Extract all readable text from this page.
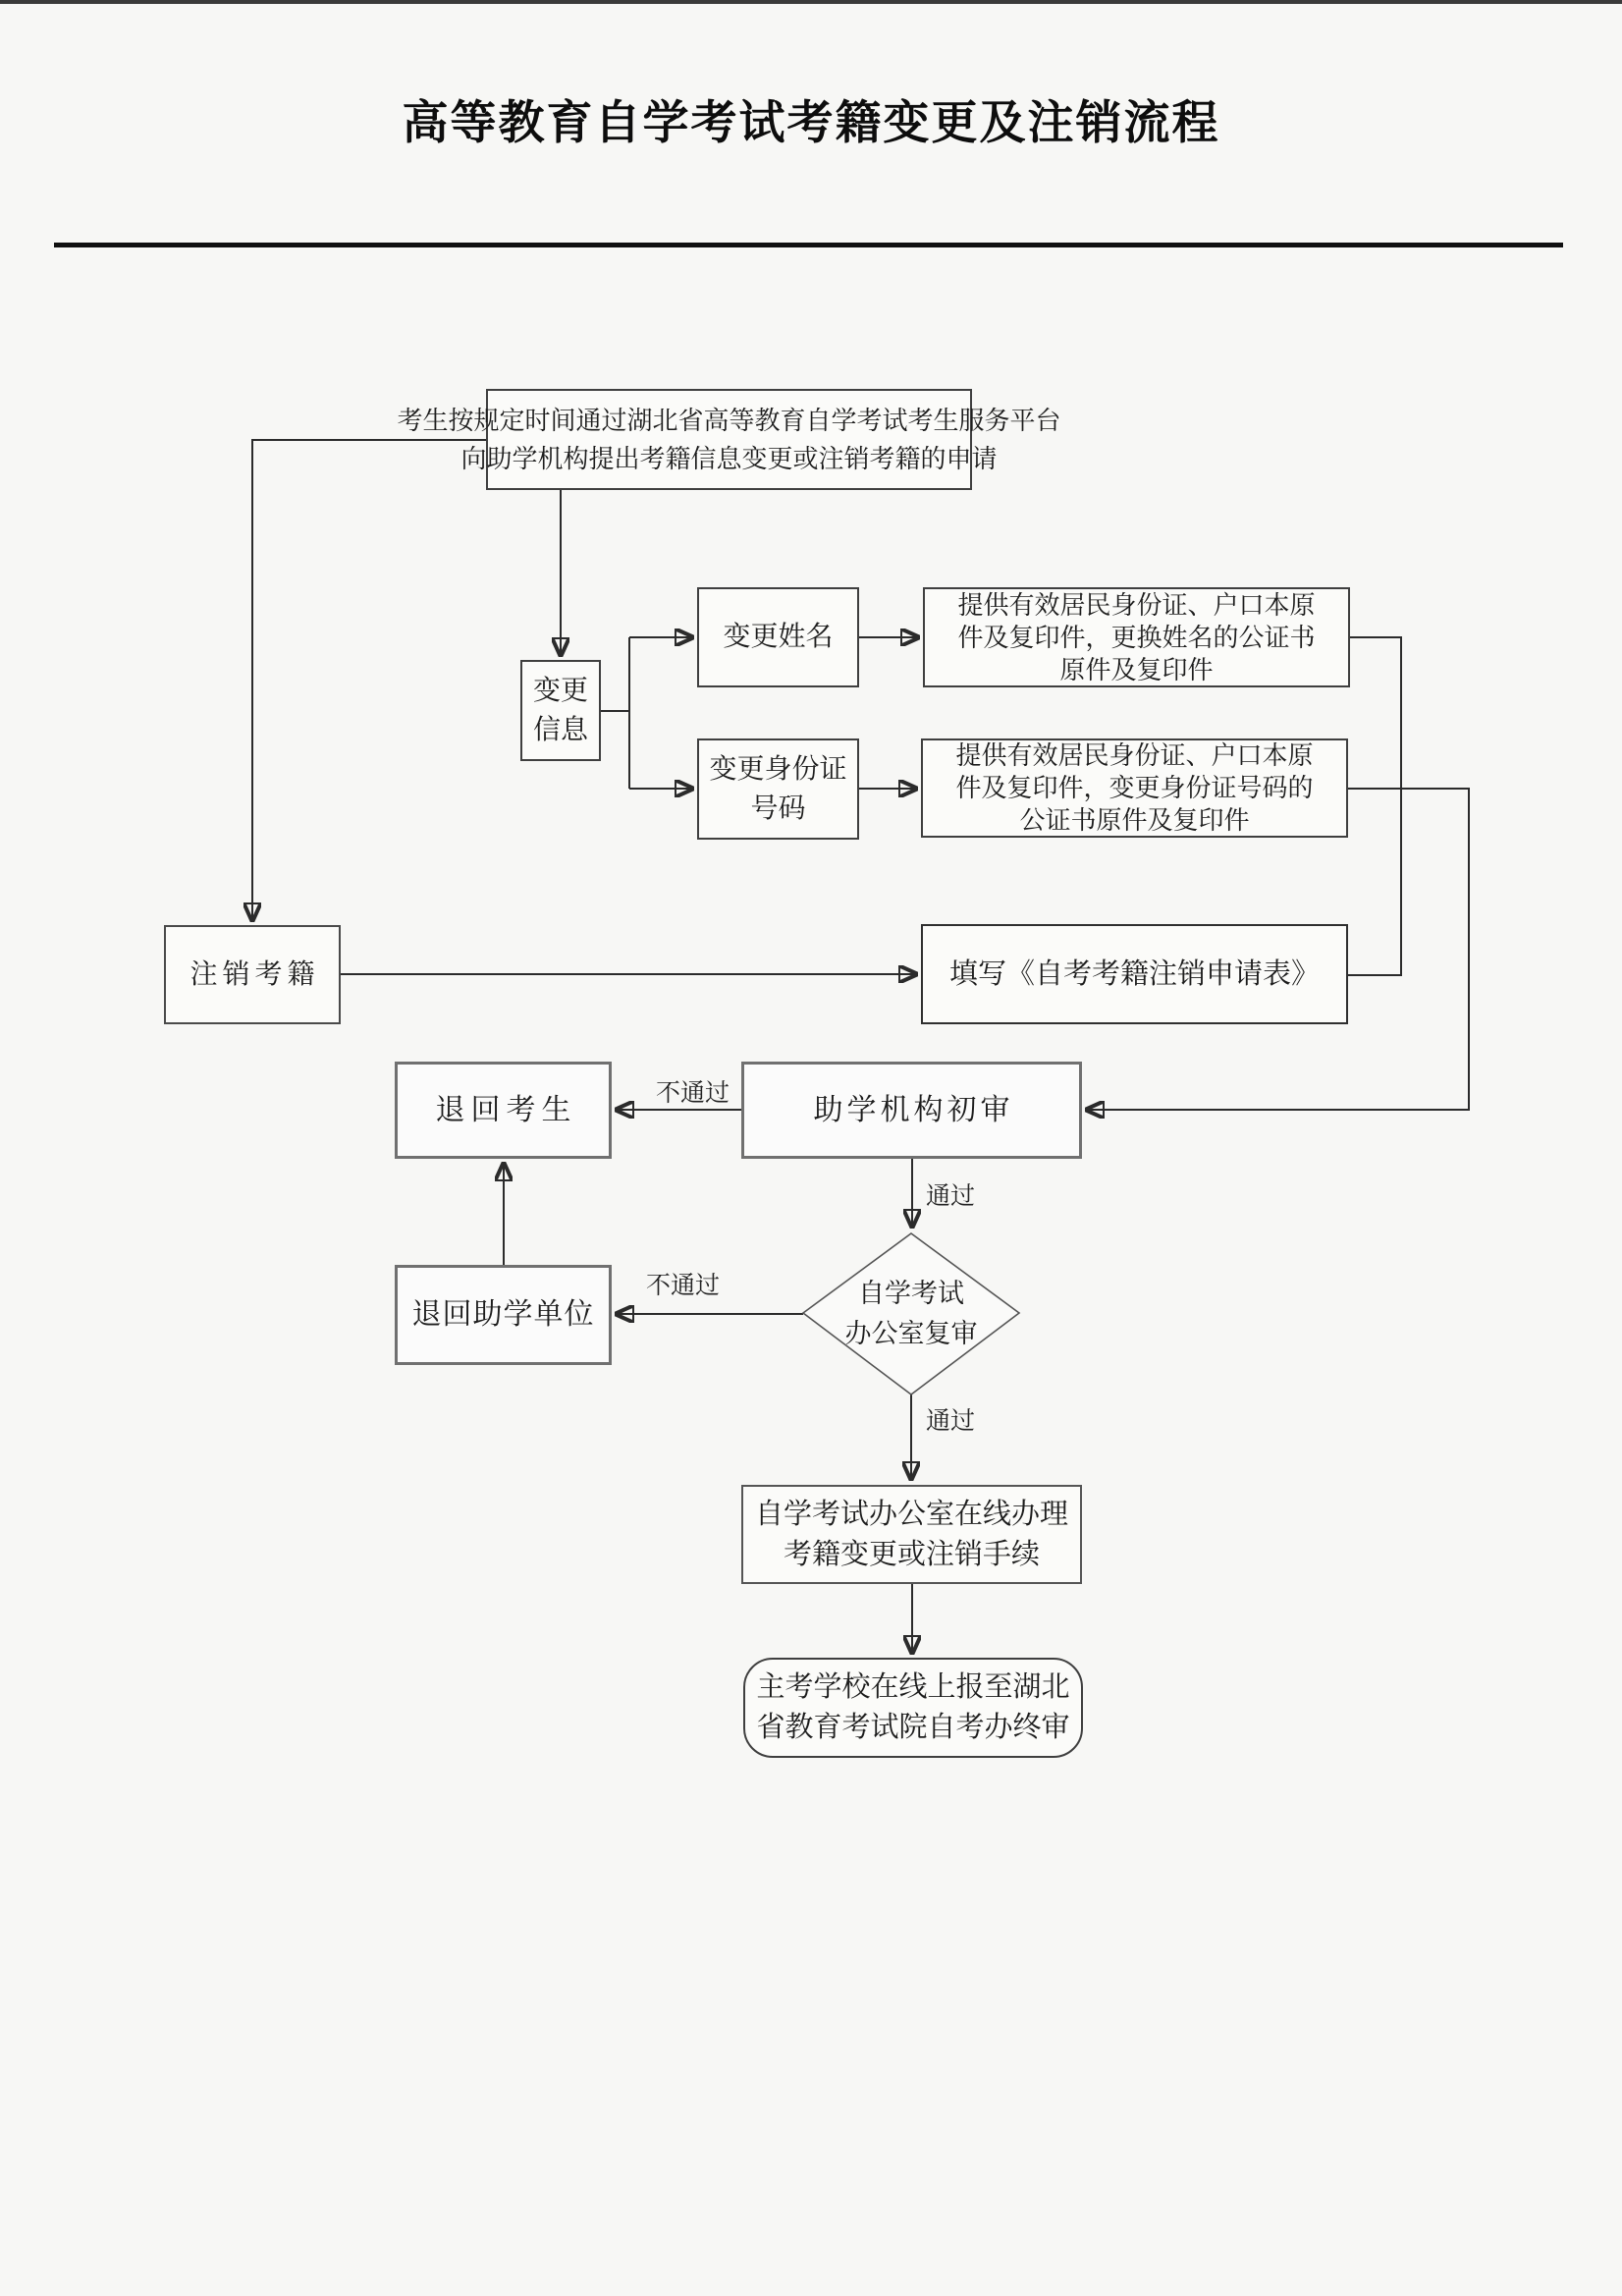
高等教育自学考试考籍变更及注销流程
考生按规定时间通过湖北省高等教育自学考试考生服务平台
向助学机构提出考籍信息变更或注销考籍的申请
变更
信息
变更姓名
变更身份证
号码
提供有效居民身份证、户口本原
件及复印件，更换姓名的公证书
原件及复印件
提供有效居民身份证、户口本原
件及复印件，变更身份证号码的
公证书原件及复印件
注销考籍	填写《自考考籍注销申请表》
退回考生	助学机构初审
退回助学单位
自学考试
办公室复审
自学考试办公室在线办理
考籍变更或注销手续
主考学校在线上报至湖北
省教育考试院自考办终审
不通过
通过
不通过
通过
